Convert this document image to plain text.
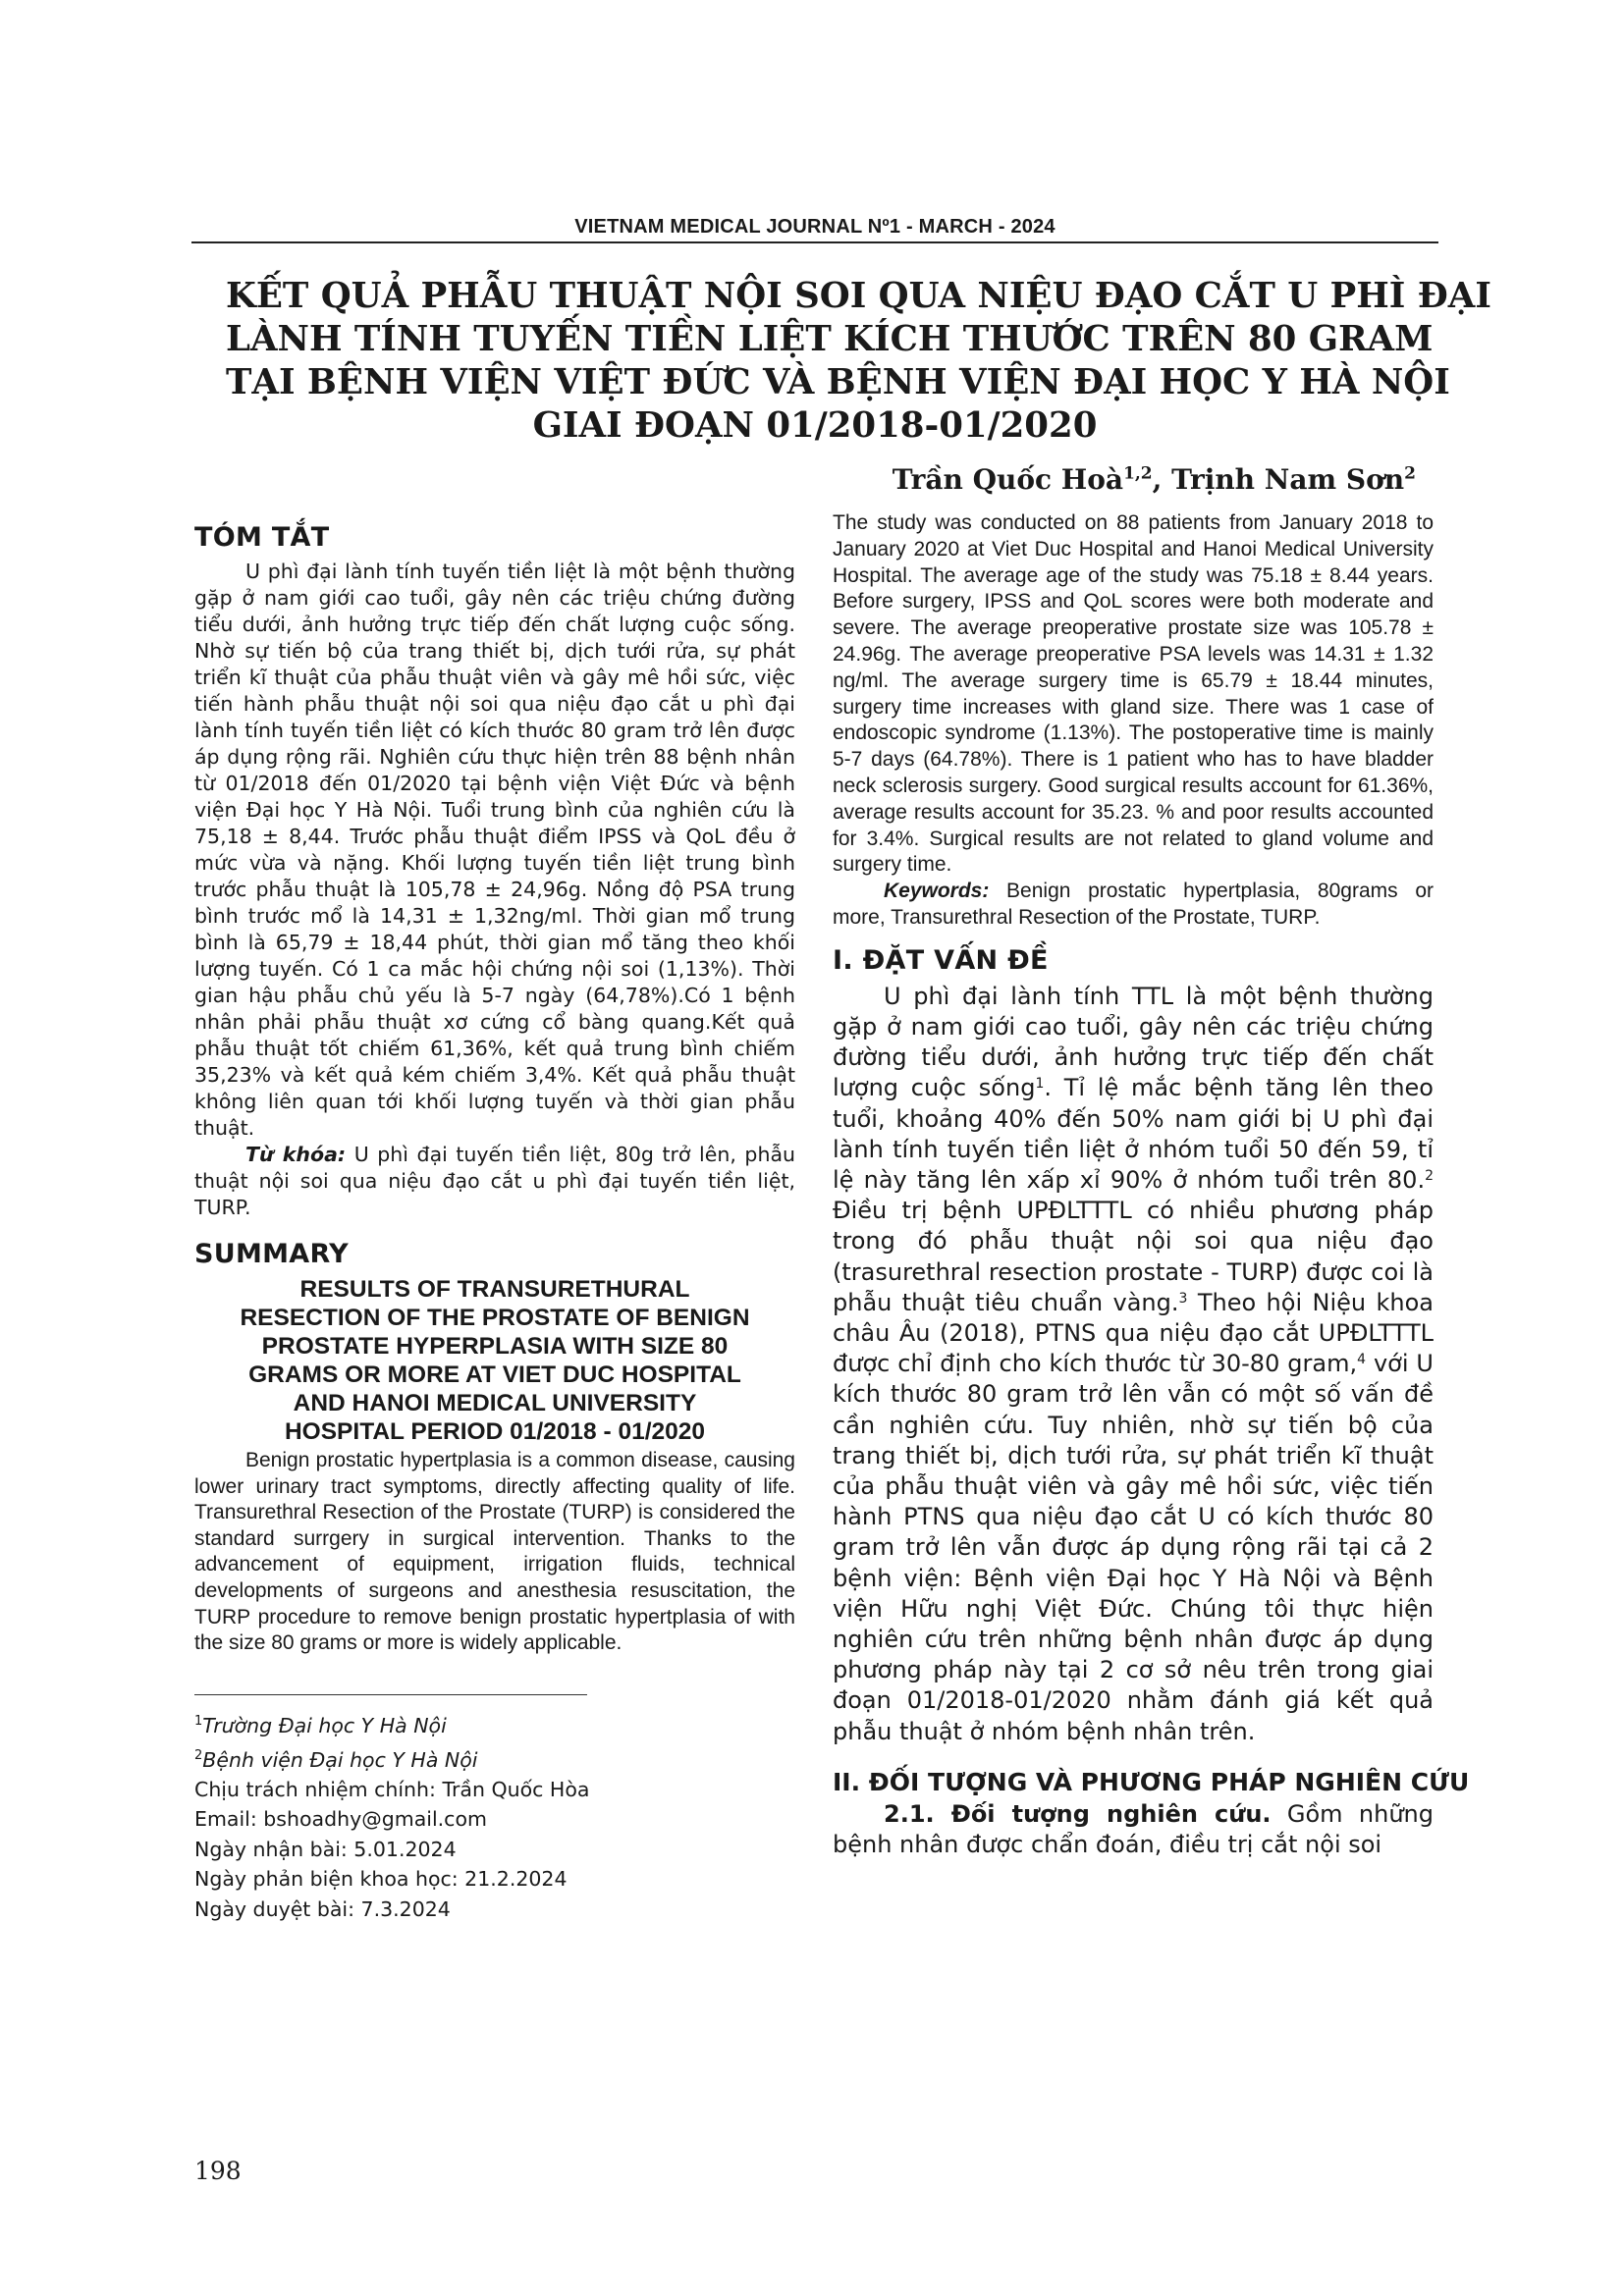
VIETNAM MEDICAL JOURNAL Nº1 - MARCH - 2024
KẾT QUẢ PHẪU THUẬT NỘI SOI QUA NIỆU ĐẠO CẮT U PHÌ ĐẠI
LÀNH TÍNH TUYẾN TIỀN LIỆT KÍCH THƯỚC TRÊN 80 GRAM
TẠI BỆNH VIỆN VIỆT ĐỨC VÀ BỆNH VIỆN ĐẠI HỌC Y HÀ NỘI
GIAI ĐOẠN 01/2018-01/2020
Trần Quốc Hoà$^{1,2}$, Trịnh Nam Sơn$^2$
TÓM TẮT

U phì đại lành tính tuyến tiền liệt là một bệnh thường gặp ở nam giới cao tuổi, gây nên các triệu chứng đường tiểu dưới, ảnh hưởng trực tiếp đến chất lượng cuộc sống. Nhờ sự tiến bộ của trang thiết bị, dịch tưới rửa, sự phát triển kĩ thuật của phẫu thuật viên và gây mê hồi sức, việc tiến hành phẫu thuật nội soi qua niệu đạo cắt u phì đại lành tính tuyến tiền liệt có kích thước 80 gram trở lên được áp dụng rộng rãi. Nghiên cứu thực hiện trên 88 bệnh nhân từ 01/2018 đến 01/2020 tại bệnh viện Việt Đức và bệnh viện Đại học Y Hà Nội. Tuổi trung bình của nghiên cứu là 75,18 ± 8,44. Trước phẫu thuật điểm IPSS và QoL đều ở mức vừa và nặng. Khối lượng tuyến tiền liệt trung bình trước phẫu thuật là 105,78 ± 24,96g. Nồng độ PSA trung bình trước mổ là 14,31 ± 1,32ng/ml. Thời gian mổ trung bình là 65,79 ± 18,44 phút, thời gian mổ tăng theo khối lượng tuyến. Có 1 ca mắc hội chứng nội soi (1,13%). Thời gian hậu phẫu chủ yếu là 5-7 ngày (64,78%).Có 1 bệnh nhân phải phẫu thuật xơ cứng cổ bàng quang.Kết quả phẫu thuật tốt chiếm 61,36%, kết quả trung bình chiếm 35,23% và kết quả kém chiếm 3,4%. Kết quả phẫu thuật không liên quan tới khối lượng tuyến và thời gian phẫu thuật.

Từ khóa: U phì đại tuyến tiền liệt, 80g trở lên, phẫu thuật nội soi qua niệu đạo cắt u phì đại tuyến tiền liệt, TURP.

SUMMARY
RESULTS OF TRANSURETHURAL
RESECTION OF THE PROSTATE OF BENIGN
PROSTATE HYPERPLASIA WITH SIZE 80
GRAMS OR MORE AT VIET DUC HOSPITAL
AND HANOI MEDICAL UNIVERSITY
HOSPITAL PERIOD 01/2018 - 01/2020

Benign prostatic hypertplasia is a common disease, causing lower urinary tract symptoms, directly affecting quality of life. Transurethral Resection of the Prostate (TURP) is considered the standard surrgery in surgical intervention. Thanks to the advancement of equipment, irrigation fluids, technical developments of surgeons and anesthesia resuscitation, the TURP procedure to remove benign prostatic hypertplasia of with the size 80 grams or more is widely applicable.

$^1$Trường Đại học Y Hà Nội
$^2$Bệnh viện Đại học Y Hà Nội
Chịu trách nhiệm chính: Trần Quốc Hòa
Email: bshoadhy@gmail.com
Ngày nhận bài: 5.01.2024
Ngày phản biện khoa học: 21.2.2024
Ngày duyệt bài: 7.3.2024

The study was conducted on 88 patients from January 2018 to January 2020 at Viet Duc Hospital and Hanoi Medical University Hospital. The average age of the study was 75.18 ± 8.44 years. Before surgery, IPSS and QoL scores were both moderate and severe. The average preoperative prostate size was 105.78 ± 24.96g. The average preoperative PSA levels was 14.31 ± 1.32 ng/ml. The average surgery time is 65.79 ± 18.44 minutes, surgery time increases with gland size. There was 1 case of endoscopic syndrome (1.13%). The postoperative time is mainly 5-7 days (64.78%). There is 1 patient who has to have bladder neck sclerosis surgery. Good surgical results account for 61.36%, average results account for 35.23. % and poor results accounted for 3.4%. Surgical results are not related to gland volume and surgery time.

Keywords: Benign prostatic hypertplasia, 80grams or more, Transurethral Resection of the Prostate, TURP.

I. ĐẶT VẤN ĐỀ

U phì đại lành tính TTL là một bệnh thường gặp ở nam giới cao tuổi, gây nên các triệu chứng đường tiểu dưới, ảnh hưởng trực tiếp đến chất lượng cuộc sống$^1$. Tỉ lệ mắc bệnh tăng lên theo tuổi, khoảng 40% đến 50% nam giới bị U phì đại lành tính tuyến tiền liệt ở nhóm tuổi 50 đến 59, tỉ lệ này tăng lên xấp xỉ 90% ở nhóm tuổi trên 80.$^2$ Điều trị bệnh UPĐLTTTL có nhiều phương pháp trong đó phẫu thuật nội soi qua niệu đạo (trasurethral resection prostate - TURP) được coi là phẫu thuật tiêu chuẩn vàng.$^3$ Theo hội Niệu khoa châu Âu (2018), PTNS qua niệu đạo cắt UPĐLTTTL được chỉ định cho kích thước từ 30-80 gram,$^4$ với U kích thước 80 gram trở lên vẫn có một số vấn đề cần nghiên cứu. Tuy nhiên, nhờ sự tiến bộ của trang thiết bị, dịch tưới rửa, sự phát triển kĩ thuật của phẫu thuật viên và gây mê hồi sức, việc tiến hành PTNS qua niệu đạo cắt U có kích thước 80 gram trở lên vẫn được áp dụng rộng rãi tại cả 2 bệnh viện: Bệnh viện Đại học Y Hà Nội và Bệnh viện Hữu nghị Việt Đức. Chúng tôi thực hiện nghiên cứu trên những bệnh nhân được áp dụng phương pháp này tại 2 cơ sở nêu trên trong giai đoạn 01/2018-01/2020 nhằm đánh giá kết quả phẫu thuật ở nhóm bệnh nhân trên.

II. ĐỐI TƯỢNG VÀ PHƯƠNG PHÁP NGHIÊN CỨU

2.1. Đối tượng nghiên cứu. Gồm những bệnh nhân được chẩn đoán, điều trị cắt nội soi

198
